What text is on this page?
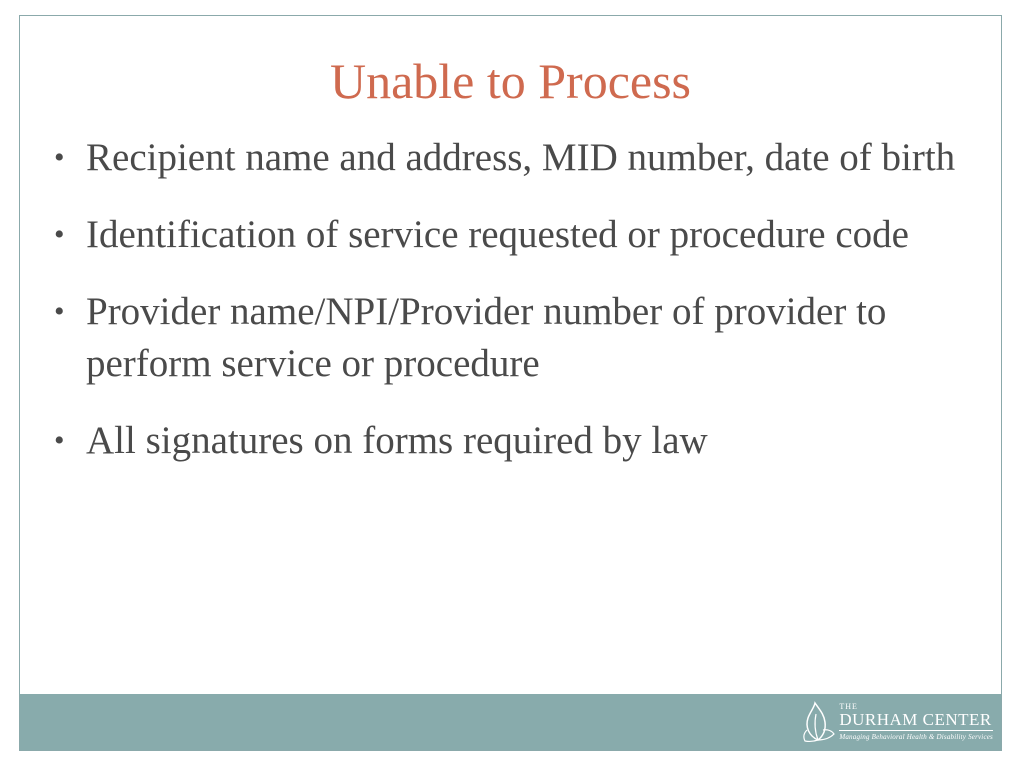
Unable to Process
• Recipient name and address, MID number, date of birth
• Identification of service requested or procedure code
• Provider name/NPI/Provider number of provider to perform service or procedure
• All signatures on forms required by law
THE
DURHAM CENTER
Managing Behavioral Health & Disability Services
